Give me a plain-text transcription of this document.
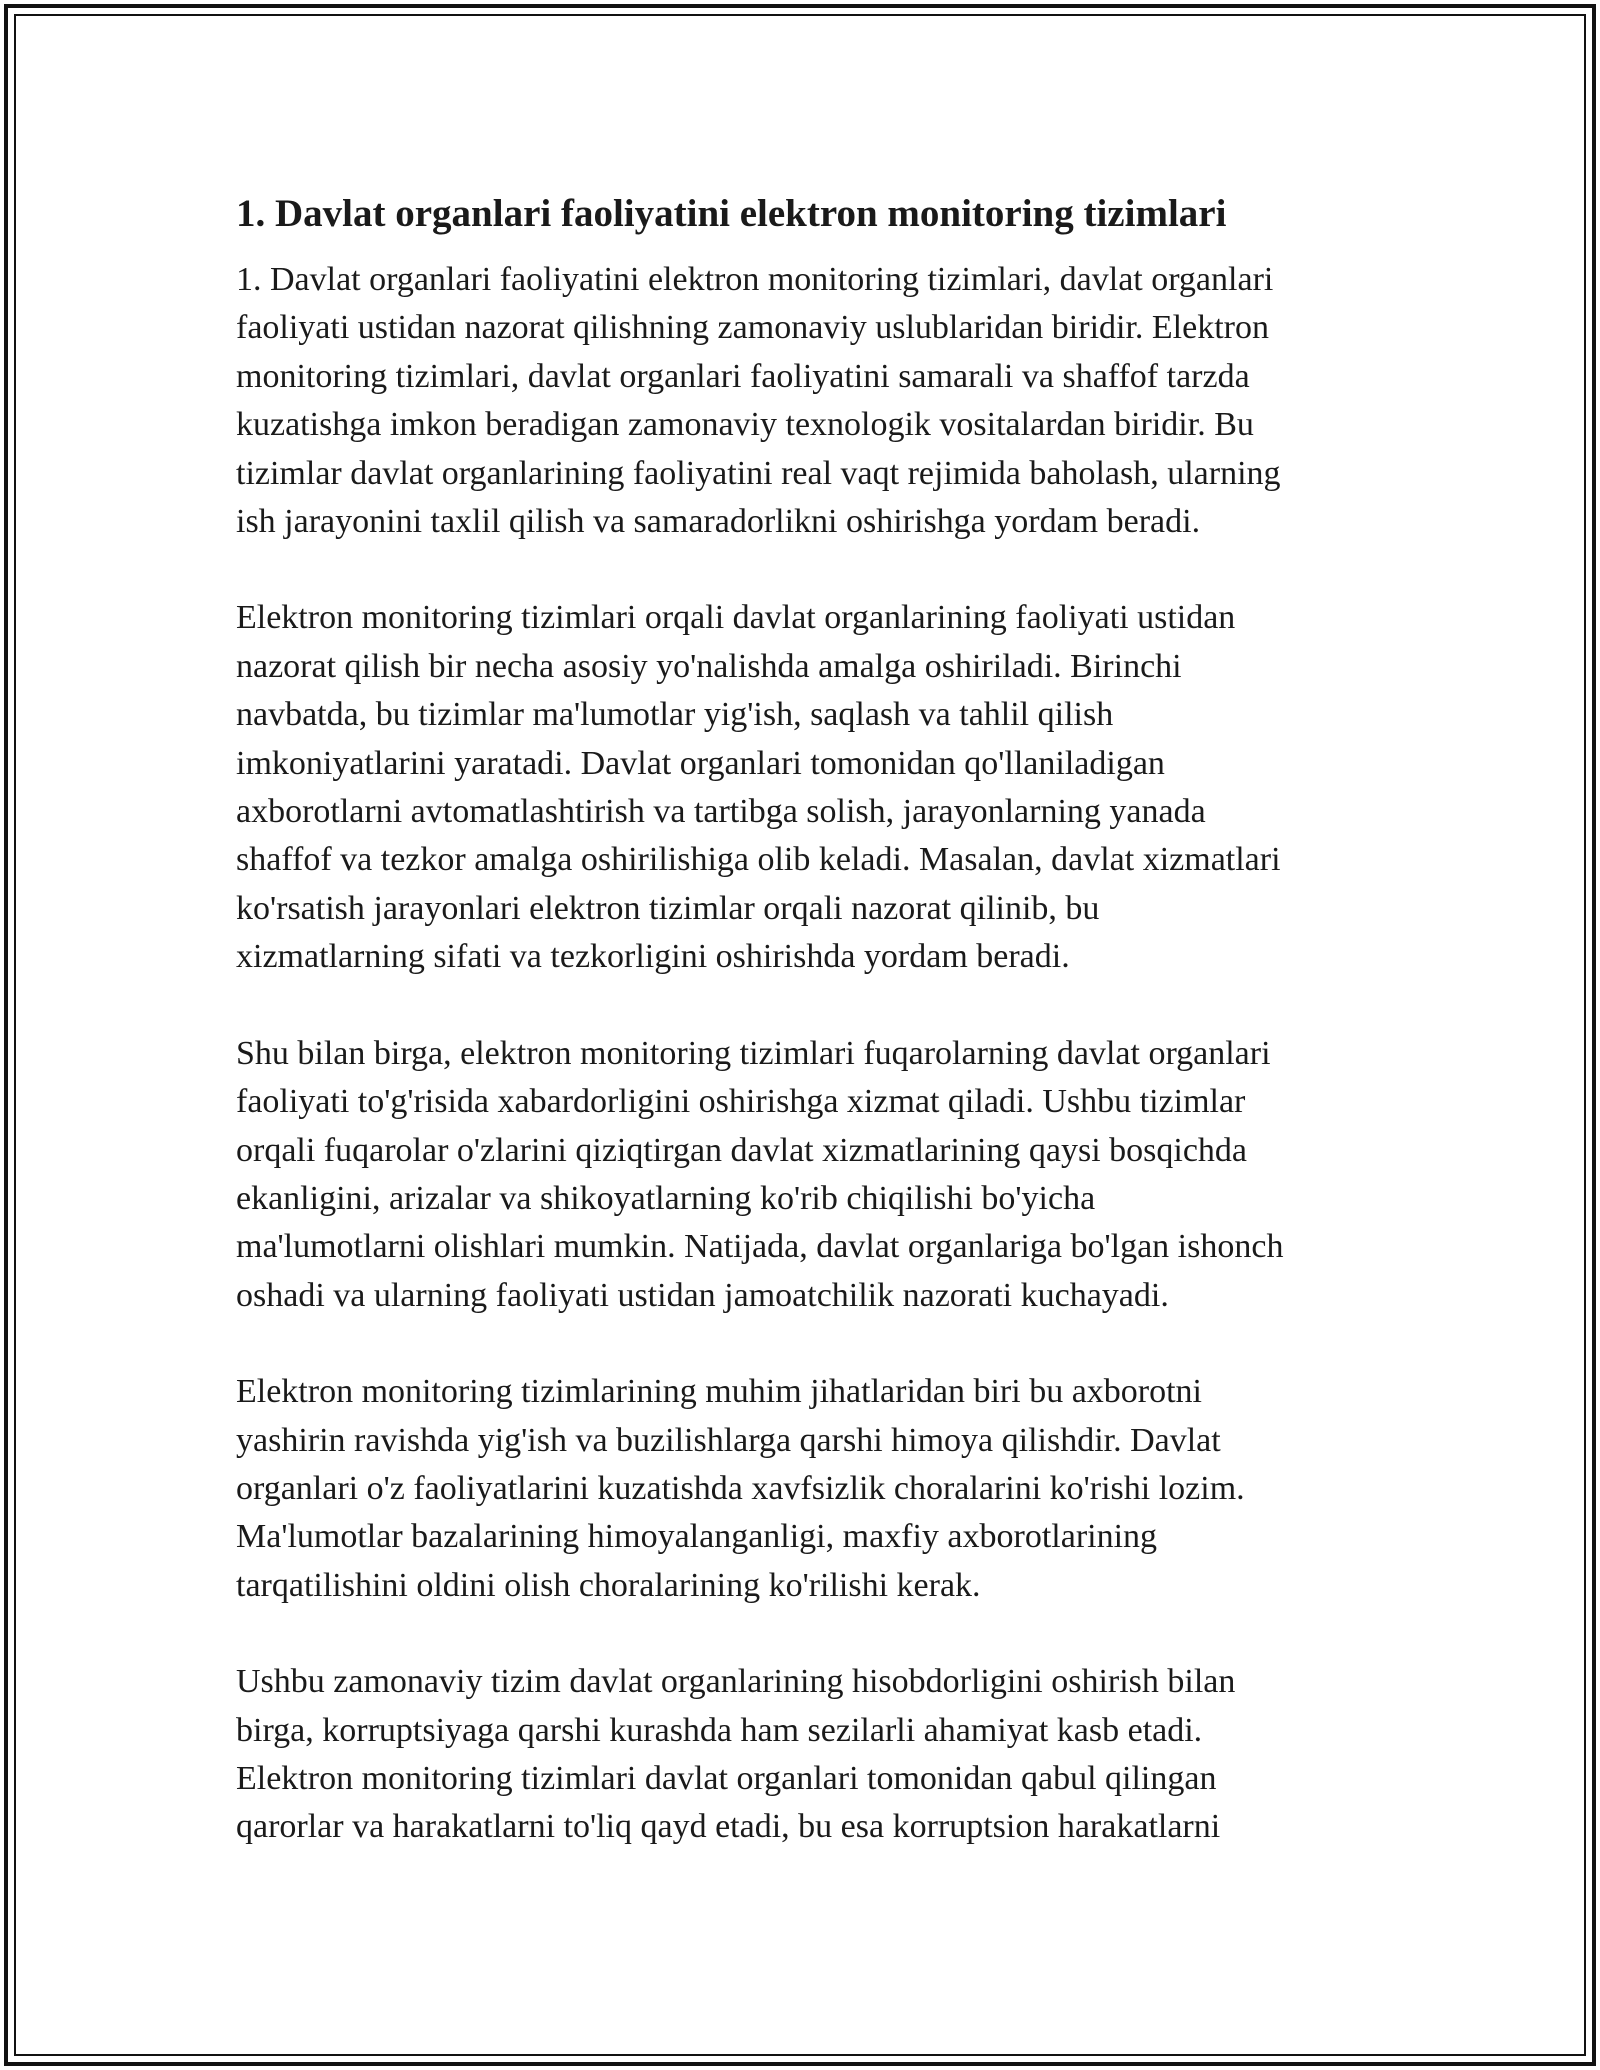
1. Davlat organlari faoliyatini elektron monitoring tizimlari

1. Davlat organlari faoliyatini elektron monitoring tizimlari, davlat organlari
faoliyati ustidan nazorat qilishning zamonaviy uslublaridan biridir. Elektron
monitoring tizimlari, davlat organlari faoliyatini samarali va shaffof tarzda
kuzatishga imkon beradigan zamonaviy texnologik vositalardan biridir. Bu
tizimlar davlat organlarining faoliyatini real vaqt rejimida baholash, ularning
ish jarayonini taxlil qilish va samaradorlikni oshirishga yordam beradi.

Elektron monitoring tizimlari orqali davlat organlarining faoliyati ustidan
nazorat qilish bir necha asosiy yo'nalishda amalga oshiriladi. Birinchi
navbatda, bu tizimlar ma'lumotlar yig'ish, saqlash va tahlil qilish
imkoniyatlarini yaratadi. Davlat organlari tomonidan qo'llaniladigan
axborotlarni avtomatlashtirish va tartibga solish, jarayonlarning yanada
shaffof va tezkor amalga oshirilishiga olib keladi. Masalan, davlat xizmatlari
ko'rsatish jarayonlari elektron tizimlar orqali nazorat qilinib, bu
xizmatlarning sifati va tezkorligini oshirishda yordam beradi.

Shu bilan birga, elektron monitoring tizimlari fuqarolarning davlat organlari
faoliyati to'g'risida xabardorligini oshirishga xizmat qiladi. Ushbu tizimlar
orqali fuqarolar o'zlarini qiziqtirgan davlat xizmatlarining qaysi bosqichda
ekanligini, arizalar va shikoyatlarning ko'rib chiqilishi bo'yicha
ma'lumotlarni olishlari mumkin. Natijada, davlat organlariga bo'lgan ishonch
oshadi va ularning faoliyati ustidan jamoatchilik nazorati kuchayadi.

Elektron monitoring tizimlarining muhim jihatlaridan biri bu axborotni
yashirin ravishda yig'ish va buzilishlarga qarshi himoya qilishdir. Davlat
organlari o'z faoliyatlarini kuzatishda xavfsizlik choralarini ko'rishi lozim.
Ma'lumotlar bazalarining himoyalanganligi, maxfiy axborotlarining
tarqatilishini oldini olish choralarining ko'rilishi kerak.

Ushbu zamonaviy tizim davlat organlarining hisobdorligini oshirish bilan
birga, korruptsiyaga qarshi kurashda ham sezilarli ahamiyat kasb etadi.
Elektron monitoring tizimlari davlat organlari tomonidan qabul qilingan
qarorlar va harakatlarni to'liq qayd etadi, bu esa korruptsion harakatlarni
